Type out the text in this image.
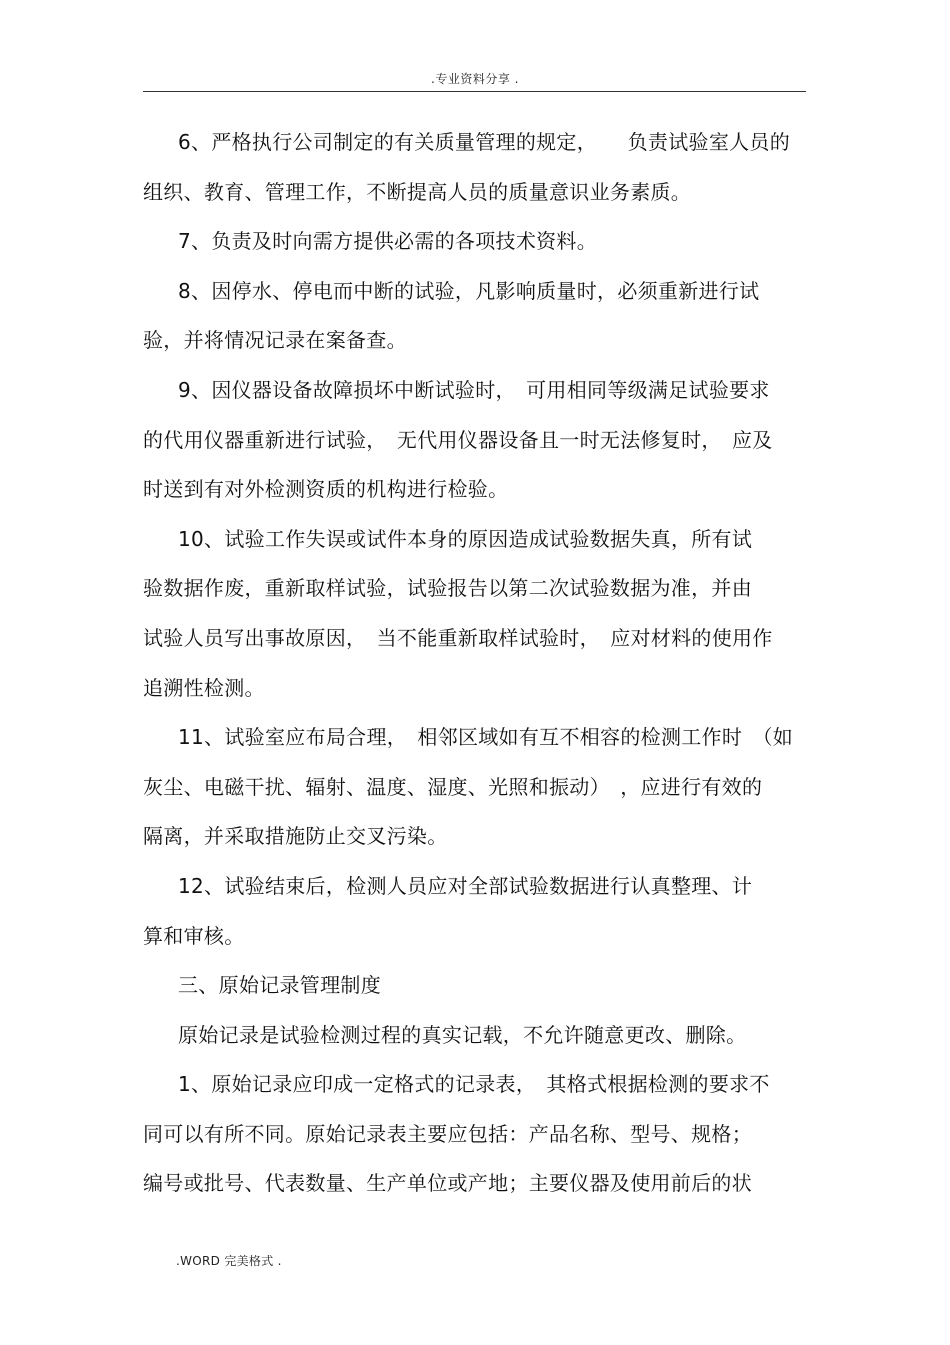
.专业资料分享 .
6、严格执行公司制定的有关质量管理的规定，　　负责试验室人员的
组织、教育、管理工作，不断提高人员的质量意识业务素质。
7、负责及时向需方提供必需的各项技术资料。
8、因停水、停电而中断的试验，凡影响质量时，必须重新进行试
验，并将情况记录在案备查。
9、因仪器设备故障损坏中断试验时，　可用相同等级满足试验要求
的代用仪器重新进行试验，　无代用仪器设备且一时无法修复时，　应及
时送到有对外检测资质的机构进行检验。
10、试验工作失误或试件本身的原因造成试验数据失真，所有试
验数据作废，重新取样试验，试验报告以第二次试验数据为准，并由
试验人员写出事故原因，　当不能重新取样试验时，　应对材料的使用作
追溯性检测。
11、试验室应布局合理，　相邻区域如有互不相容的检测工作时　（如
灰尘、电磁干扰、辐射、温度、湿度、光照和振动）　，应进行有效的
隔离，并采取措施防止交叉污染。
12、试验结束后，检测人员应对全部试验数据进行认真整理、计
算和审核。
三、原始记录管理制度
原始记录是试验检测过程的真实记载，不允许随意更改、删除。
1、原始记录应印成一定格式的记录表，　其格式根据检测的要求不
同可以有所不同。原始记录表主要应包括：产品名称、型号、规格；
编号或批号、代表数量、生产单位或产地；主要仪器及使用前后的状
.WORD 完美格式 .
